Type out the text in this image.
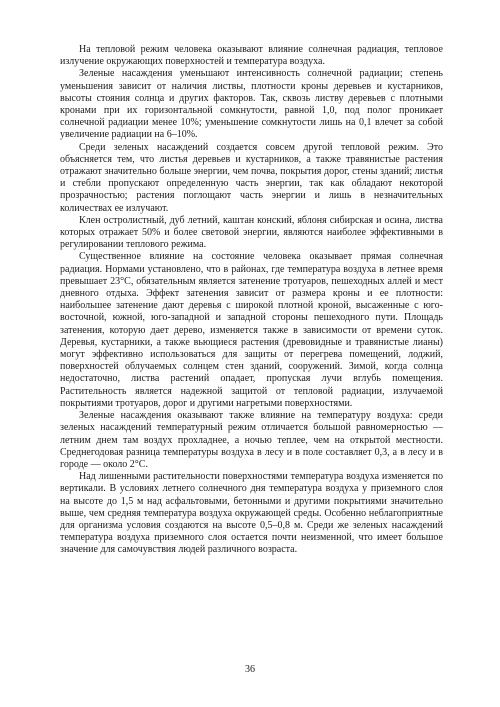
На тепловой режим человека оказывают влияние солнечная радиация, тепловое излучение окружающих поверхностей и температура воздуха.

Зеленые насаждения уменьшают интенсивность солнечной радиации; степень уменьшения зависит от наличия листвы, плотности кроны деревьев и кустарников, высоты стояния солнца и других факторов. Так, сквозь листву деревьев с плотными кронами при их горизонтальной сомкнутости, равной 1,0, под полог проникает солнечной радиации менее 10%; уменьшение сомкнутости лишь на 0,1 влечет за собой увеличение радиации на 6–10%.

Среди зеленых насаждений создается совсем другой тепловой режим. Это объясняется тем, что листья деревьев и кустарников, а также травянистые растения отражают значительно больше энергии, чем почва, покрытия дорог, стены зданий; листья и стебли пропускают определенную часть энергии, так как обладают некоторой прозрачностью; растения поглощают часть энергии и лишь в незначительных количествах ее излучают.

Клен остролистный, дуб летний, каштан конский, яблоня сибирская и осина, листва которых отражает 50% и более световой энергии, являются наиболее эффективными в регулировании теплового режима.

Существенное влияние на состояние человека оказывает прямая солнечная радиация. Нормами установлено, что в районах, где температура воздуха в летнее время превышает 23°С, обязательным является затенение тротуаров, пешеходных аллей и мест дневного отдыха. Эффект затенения зависит от размера кроны и ее плотности: наибольшее затенение дают деревья с широкой плотной кроной, высаженные с юго-восточной, южной, юго-западной и западной стороны пешеходного пути. Площадь затенения, которую дает дерево, изменяется также в зависимости от времени суток. Деревья, кустарники, а также вьющиеся растения (древовидные и травянистые лианы) могут эффективно использоваться для защиты от перегрева помещений, лоджий, поверхностей облучаемых солнцем стен зданий, сооружений. Зимой, когда солнца недостаточно, листва растений опадает, пропуская лучи вглубь помещения. Растительность является надежной защитой от тепловой радиации, излучаемой покрытиями тротуаров, дорог и другими нагретыми поверхностями.

Зеленые насаждения оказывают также влияние на температуру воздуха: среди зеленых насаждений температурный режим отличается большой равномерностью — летним днем там воздух прохладнее, а ночью теплее, чем на открытой местности. Среднегодовая разница температуры воздуха в лесу и в поле составляет 0,3, а в лесу и в городе — около 2°С.

Над лишенными растительности поверхностями температура воздуха изменяется по вертикали. В условиях летнего солнечного дня температура воздуха у приземного слоя на высоте до 1,5 м над асфальтовыми, бетонными и другими покрытиями значительно выше, чем средняя температура воздуха окружающей среды. Особенно неблагоприятные для организма условия создаются на высоте 0,5–0,8 м. Среди же зеленых насаждений температура воздуха приземного слоя остается почти неизменной, что имеет большое значение для самочувствия людей различного возраста.

36
